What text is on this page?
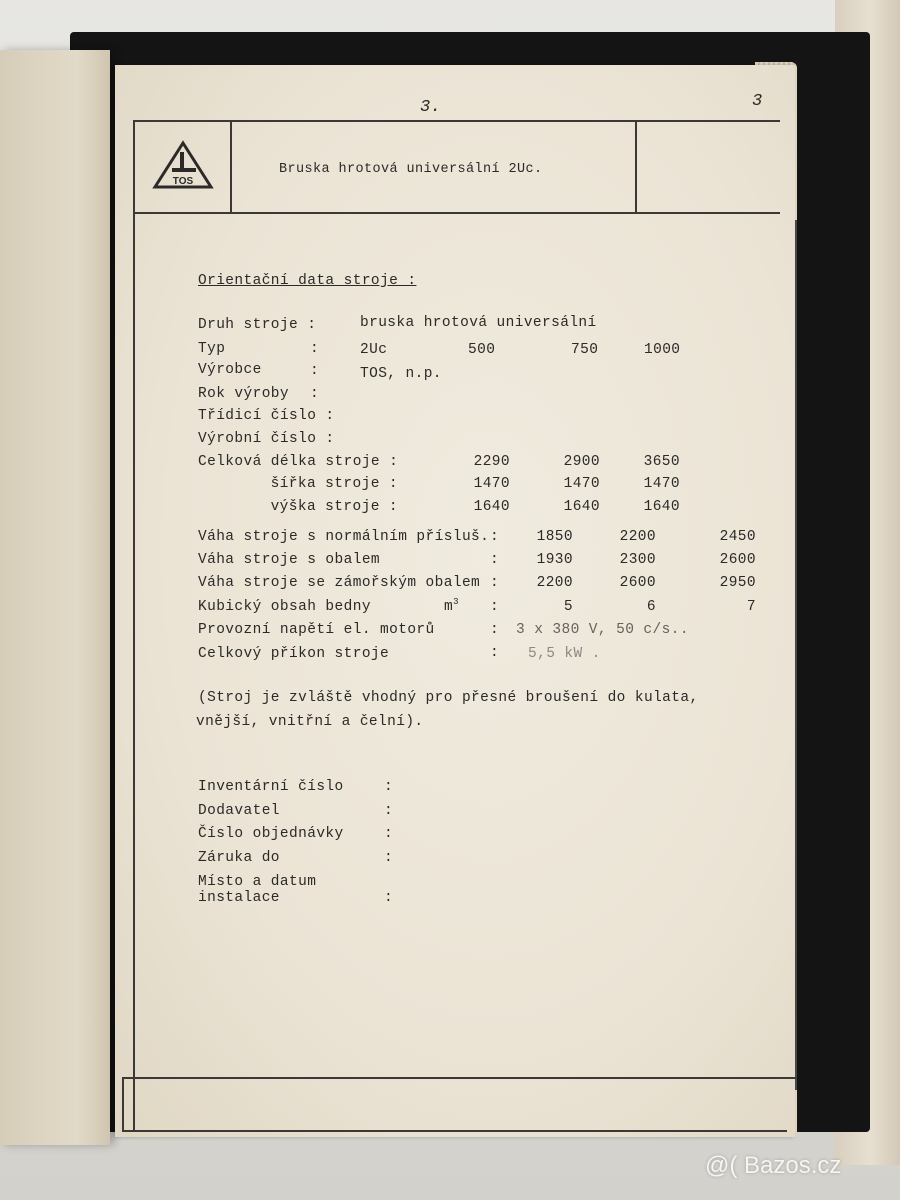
3.	3
TOS
Bruska hrotová universální 2Uc.
Orientační data stroje :
Druh stroje :	bruska hrotová universální
Typ	:	2Uc	500	750	1000
Výrobce	:	TOS, n.p.
Rok výroby :
Třídicí číslo :
Výrobní číslo :
Celková délka stroje :	2290	2900	3650
šířka stroje :	1470	1470	1470
výška stroje :	1640	1640	1640
Váha stroje s normálním přísluš. :	1850	2200	2450
Váha stroje s obalem	:	1930	2300	2600
Váha stroje se zámořským obalem :	2200	2600	2950
Kubický obsah bedny	$m^3$ :	5	6	7
Provozní napětí el. motorů	: 3 x 380 V, 50 c/s..
Celkový příkon stroje	: 5,5 kW .
(Stroj je zvláště vhodný pro přesné broušení do kulata,
vnější, vnitřní a čelní).
Inventární číslo	:
Dodavatel	:
Číslo objednávky	:
Záruka do	:
Místo a datum
instalace	:
@( Bazos.cz
